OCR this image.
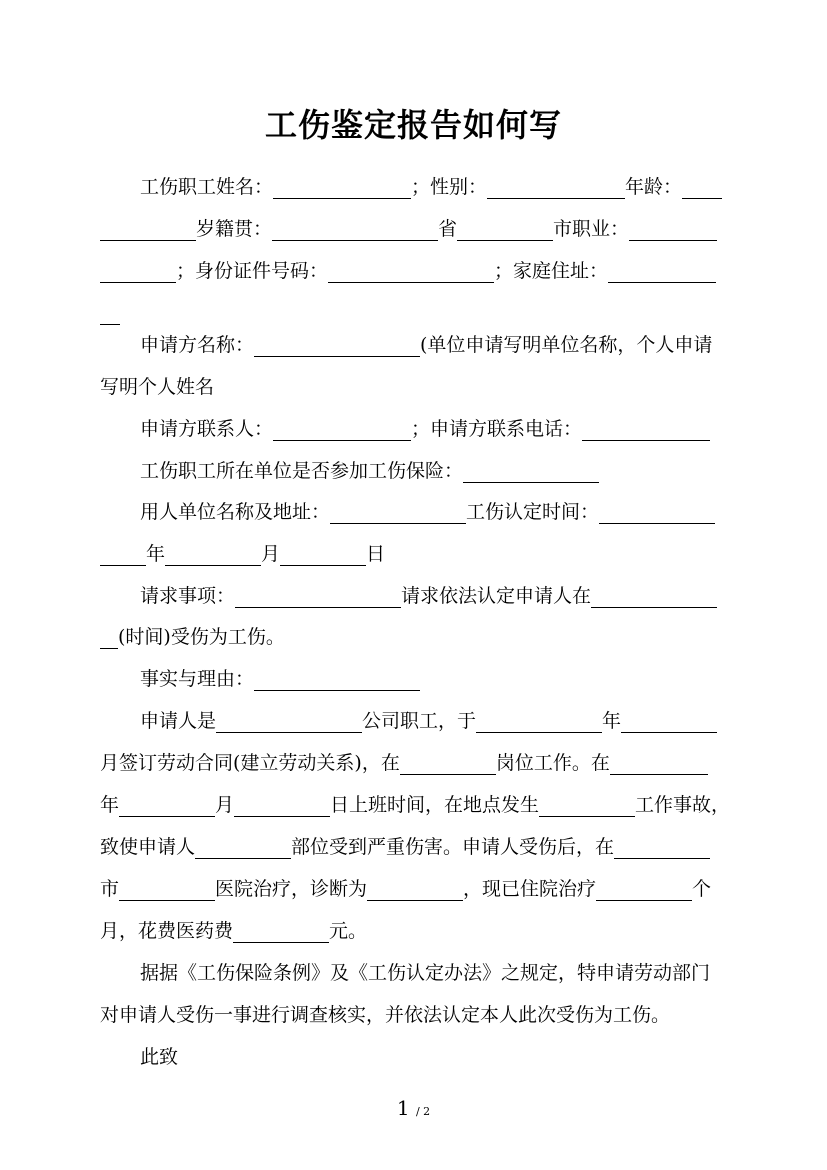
工伤鉴定报告如何写
工伤职工姓名：	；性别：	年龄：
岁籍贯：	省	市职业：
；身份证件号码：	；家庭住址：
申请方名称：	(单位申请写明单位名称，个人申请
写明个人姓名
申请方联系人：	；申请方联系电话：
工伤职工所在单位是否参加工伤保险：
用人单位名称及地址：	工伤认定时间：
年	月	日
请求事项：	请求依法认定申请人在
(时间)受伤为工伤。
事实与理由：
申请人是	公司职工，于	年
月签订劳动合同(建立劳动关系)，在	岗位工作。在
年	月	日上班时间，在地点发生	工作事故，
致使申请人	部位受到严重伤害。申请人受伤后，在
市	医院治疗，诊断为	，现已住院治疗	个
月，花费医药费	元。
据据《工伤保险条例》及《工伤认定办法》之规定，特申请劳动部门
对申请人受伤一事进行调查核实，并依法认定本人此次受伤为工伤。
此致
1 / 2
